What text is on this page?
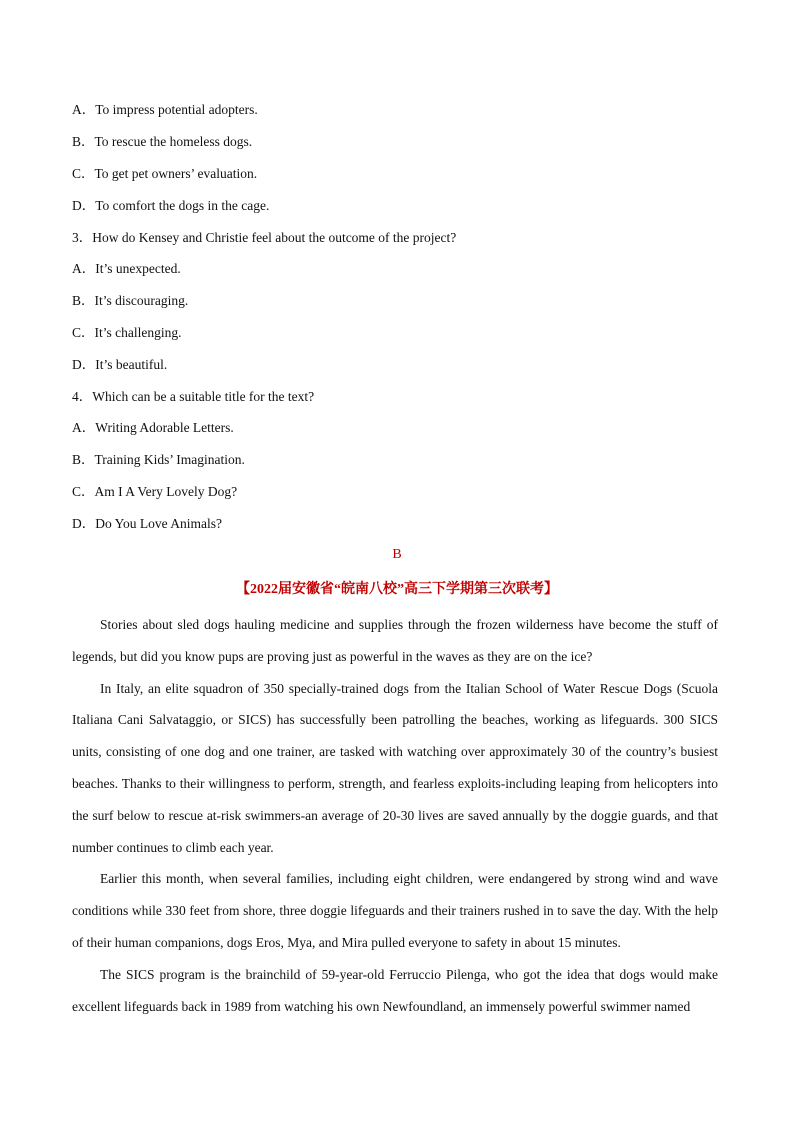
A．To impress potential adopters.
B．To rescue the homeless dogs.
C．To get pet owners’ evaluation.
D．To comfort the dogs in the cage.
3．How do Kensey and Christie feel about the outcome of the project?
A．It’s unexpected.
B．It’s discouraging.
C．It’s challenging.
D．It’s beautiful.
4．Which can be a suitable title for the text?
A．Writing Adorable Letters.
B．Training Kids’ Imagination.
C．Am I A Very Lovely Dog?
D．Do You Love Animals?
B
【2022届安徽省“皖南八校”高三下学期第三次联考】

Stories about sled dogs hauling medicine and supplies through the frozen wilderness have become the stuff of legends, but did you know pups are proving just as powerful in the waves as they are on the ice?

In Italy, an elite squadron of 350 specially-trained dogs from the Italian School of Water Rescue Dogs (Scuola Italiana Cani Salvataggio, or SICS) has successfully been patrolling the beaches, working as lifeguards. 300 SICS units, consisting of one dog and one trainer, are tasked with watching over approximately 30 of the country’s busiest beaches. Thanks to their willingness to perform, strength, and fearless exploits-including leaping from helicopters into the surf below to rescue at-risk swimmers-an average of 20-30 lives are saved annually by the doggie guards, and that number continues to climb each year.

Earlier this month, when several families, including eight children, were endangered by strong wind and wave conditions while 330 feet from shore, three doggie lifeguards and their trainers rushed in to save the day. With the help of their human companions, dogs Eros, Mya, and Mira pulled everyone to safety in about 15 minutes.

The SICS program is the brainchild of 59-year-old Ferruccio Pilenga, who got the idea that dogs would make excellent lifeguards back in 1989 from watching his own Newfoundland, an immensely powerful swimmer named
